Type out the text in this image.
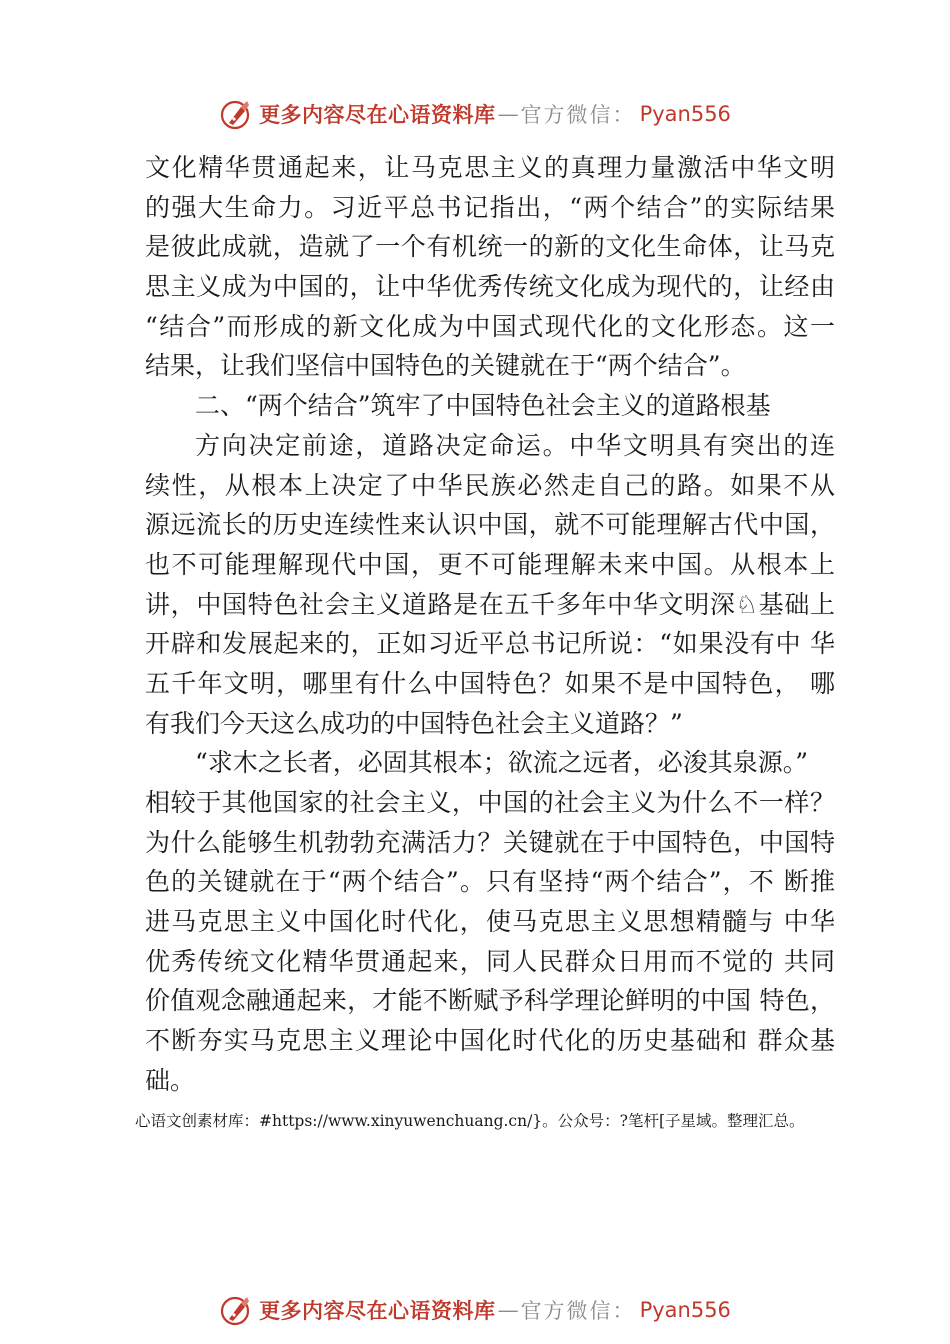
更多内容尽在心语资料库 — 官方微信： Pyan556
文化精华贯通起来，让马克思主义的真理力量激活中华文明
的强大生命力。习近平总书记指出，“两个结合”的实际结果
是彼此成就，造就了一个有机统一的新的文化生命体，让马克
思主义成为中国的，让中华优秀传统文化成为现代的，让经由
“结合”而形成的新文化成为中国式现代化的文化形态。这一
结果，让我们坚信中国特色的关键就在于“两个结合”。
二、“两个结合”筑牢了中国特色社会主义的道路根基
方向决定前途，道路决定命运。中华文明具有突出的连
续性，从根本上决定了中华民族必然走自己的路。如果不从
源远流长的历史连续性来认识中国，就不可能理解古代中国，
也不可能理解现代中国，更不可能理解未来中国。从根本上
讲，中国特色社会主义道路是在五千多年中华文明深♘基础上
开辟和发展起来的，正如习近平总书记所说：“如果没有中 华
五千年文明，哪里有什么中国特色？如果不是中国特色， 哪
有我们今天这么成功的中国特色社会主义道路？”
“求木之长者，必固其根本；欲流之远者，必浚其泉源。”
相较于其他国家的社会主义，中国的社会主义为什么不一样？
为什么能够生机勃勃充满活力？关键就在于中国特色，中国特
色的关键就在于“两个结合”。只有坚持“两个结合”，不 断推
进马克思主义中国化时代化，使马克思主义思想精髓与 中华
优秀传统文化精华贯通起来，同人民群众日用而不觉的 共同
价值观念融通起来，才能不断赋予科学理论鲜明的中国 特色，
不断夯实马克思主义理论中国化时代化的历史基础和 群众基
础。
心语文创素材库：#https://www.xinyuwenchuang.cn/}。公众号：?笔杆[子星域。整理汇总。
更多内容尽在心语资料库 — 官方微信： Pyan556
